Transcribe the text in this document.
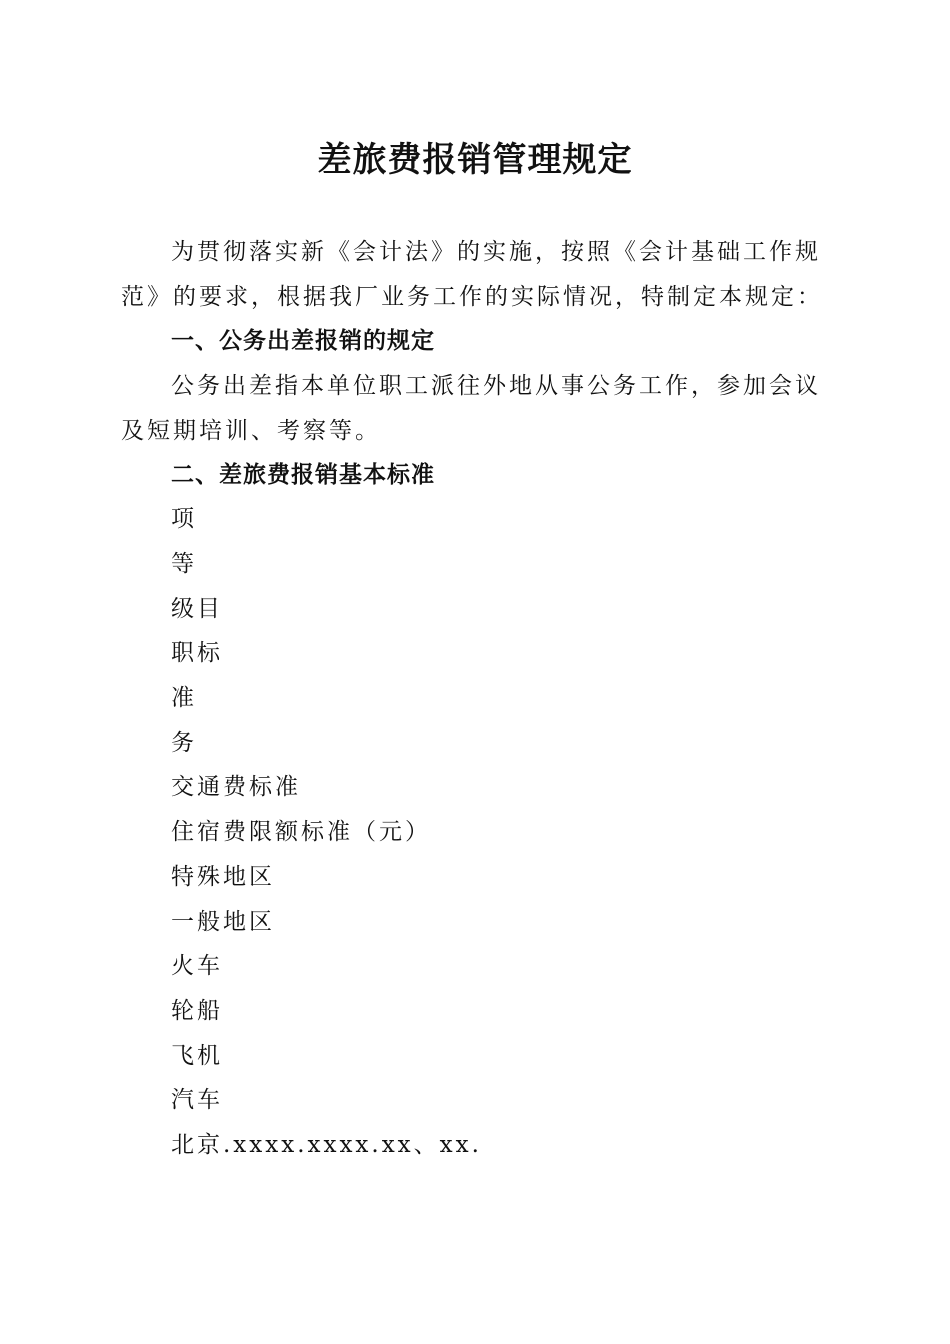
差旅费报销管理规定

为贯彻落实新《会计法》的实施，按照《会计基础工作规范》的要求，根据我厂业务工作的实际情况，特制定本规定：

一、公务出差报销的规定

公务出差指本单位职工派往外地从事公务工作，参加会议及短期培训、考察等。

二、差旅费报销基本标准

项

等

级目

职标

准

务

交通费标准

住宿费限额标准（元）

特殊地区

一般地区

火车

轮船

飞机

汽车

北京.xxxx.xxxx.xx、xx.
